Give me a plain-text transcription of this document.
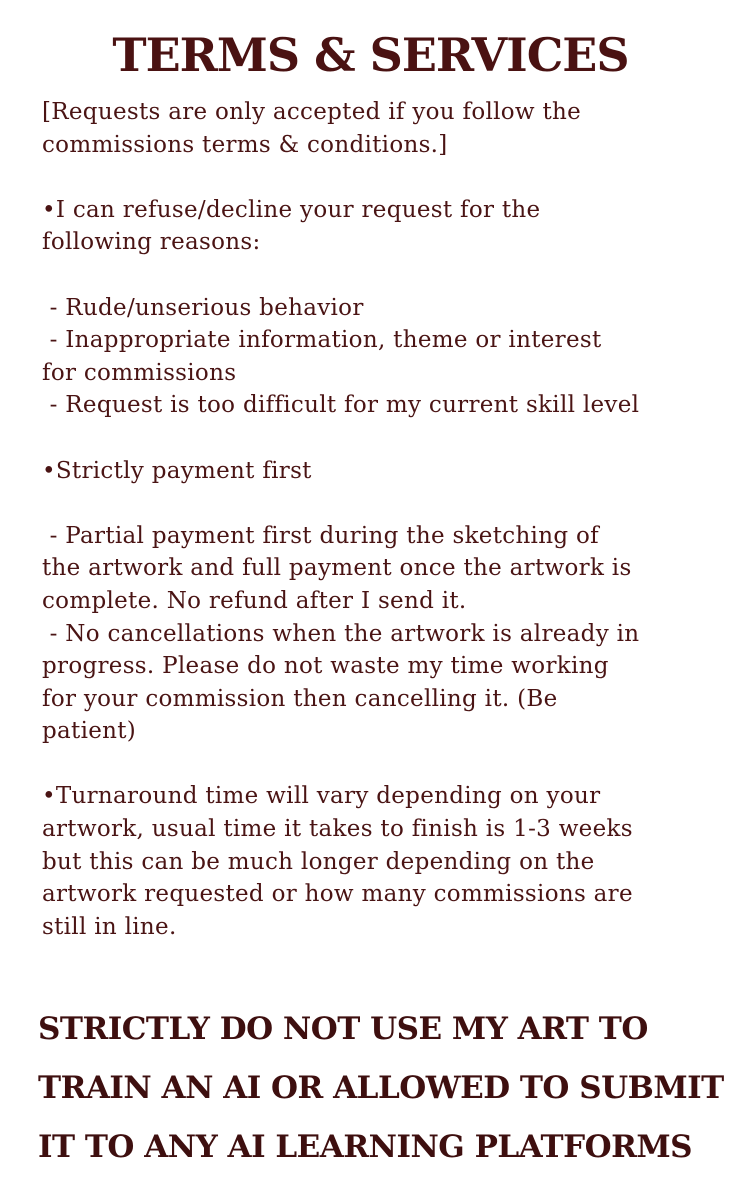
TERMS & SERVICES
[Requests are only accepted if you follow the
commissions terms & conditions.]
•I can refuse/decline your request for the
following reasons:
- Rude/unserious behavior
- Inappropriate information, theme or interest
for commissions
- Request is too difficult for my current skill level
•Strictly payment first
- Partial payment first during the sketching of
the artwork and full payment once the artwork is
complete. No refund after I send it.
- No cancellations when the artwork is already in
progress. Please do not waste my time working
for your commission then cancelling it. (Be
patient)
•Turnaround time will vary depending on your
artwork, usual time it takes to finish is 1-3 weeks
but this can be much longer depending on the
artwork requested or how many commissions are
still in line.
STRICTLY DO NOT USE MY ART TO
TRAIN AN AI OR ALLOWED TO SUBMIT
IT TO ANY AI LEARNING PLATFORMS
